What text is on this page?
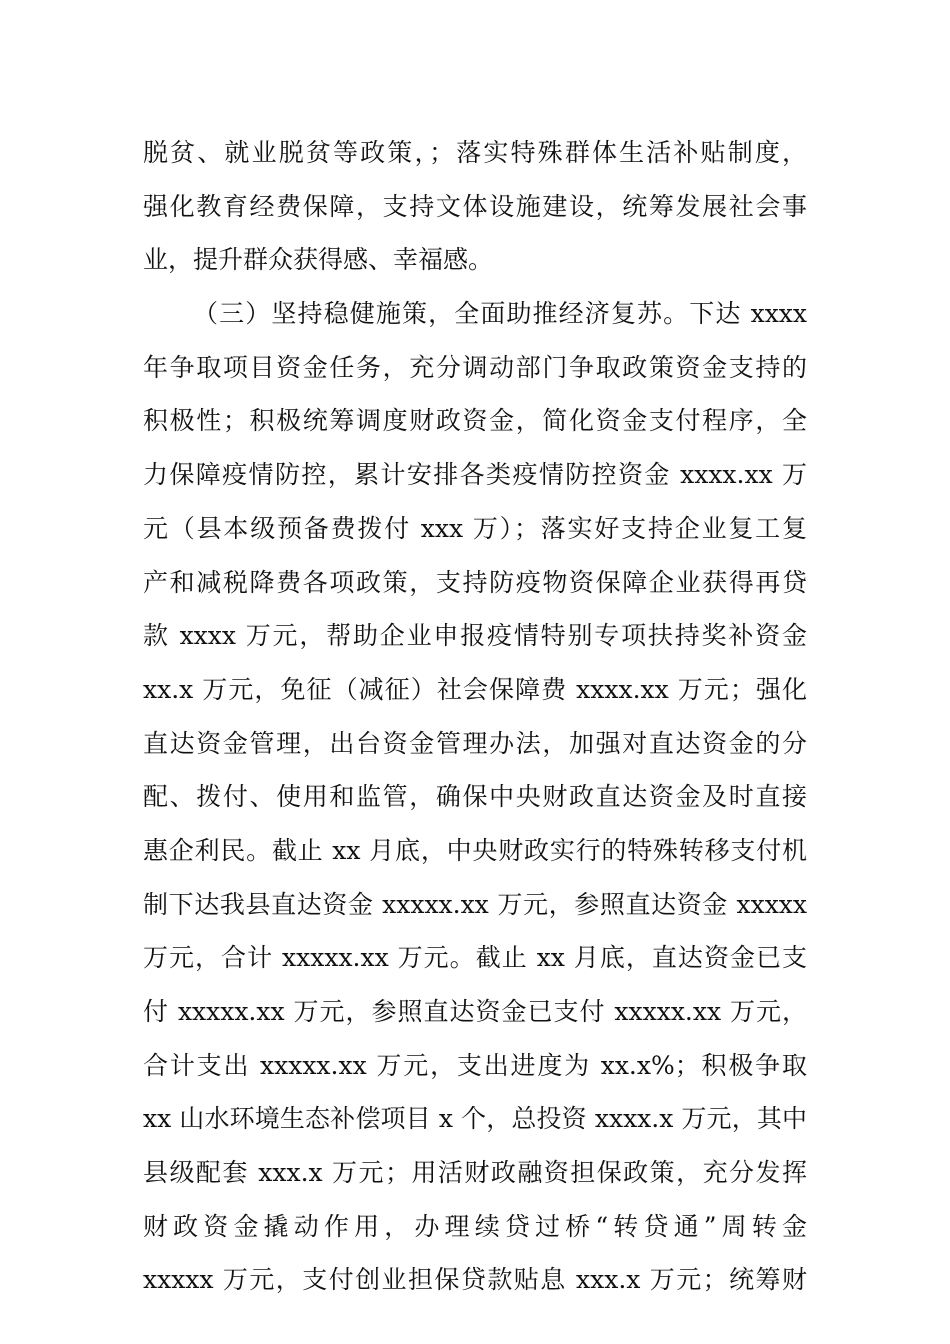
脱贫、就业脱贫等政策，；落实特殊群体生活补贴制度，
强化教育经费保障，支持文体设施建设，统筹发展社会事
业，提升群众获得感、幸福感。
（三）坚持稳健施策，全面助推经济复苏。下达 xxxx
年争取项目资金任务，充分调动部门争取政策资金支持的
积极性；积极统筹调度财政资金，简化资金支付程序，全
力保障疫情防控，累计安排各类疫情防控资金 xxxx.xx 万
元（县本级预备费拨付 xxx 万）；落实好支持企业复工复
产和减税降费各项政策，支持防疫物资保障企业获得再贷
款 xxxx 万元，帮助企业申报疫情特别专项扶持奖补资金
xx.x 万元，免征（减征）社会保障费 xxxx.xx 万元；强化
直达资金管理，出台资金管理办法，加强对直达资金的分
配、拨付、使用和监管，确保中央财政直达资金及时直接
惠企利民。截止 xx 月底，中央财政实行的特殊转移支付机
制下达我县直达资金 xxxxx.xx 万元，参照直达资金 xxxxx
万元，合计 xxxxx.xx 万元。截止 xx 月底，直达资金已支
付 xxxxx.xx 万元，参照直达资金已支付 xxxxx.xx 万元，
合计支出 xxxxx.xx 万元，支出进度为 xx.x%；积极争取
xx 山水环境生态补偿项目 x 个，总投资 xxxx.x 万元，其中
县级配套 xxx.x 万元；用活财政融资担保政策，充分发挥
财政资金撬动作用，办理续贷过桥“转贷通”周转金
xxxxx 万元，支付创业担保贷款贴息 xxx.x 万元；统筹财
